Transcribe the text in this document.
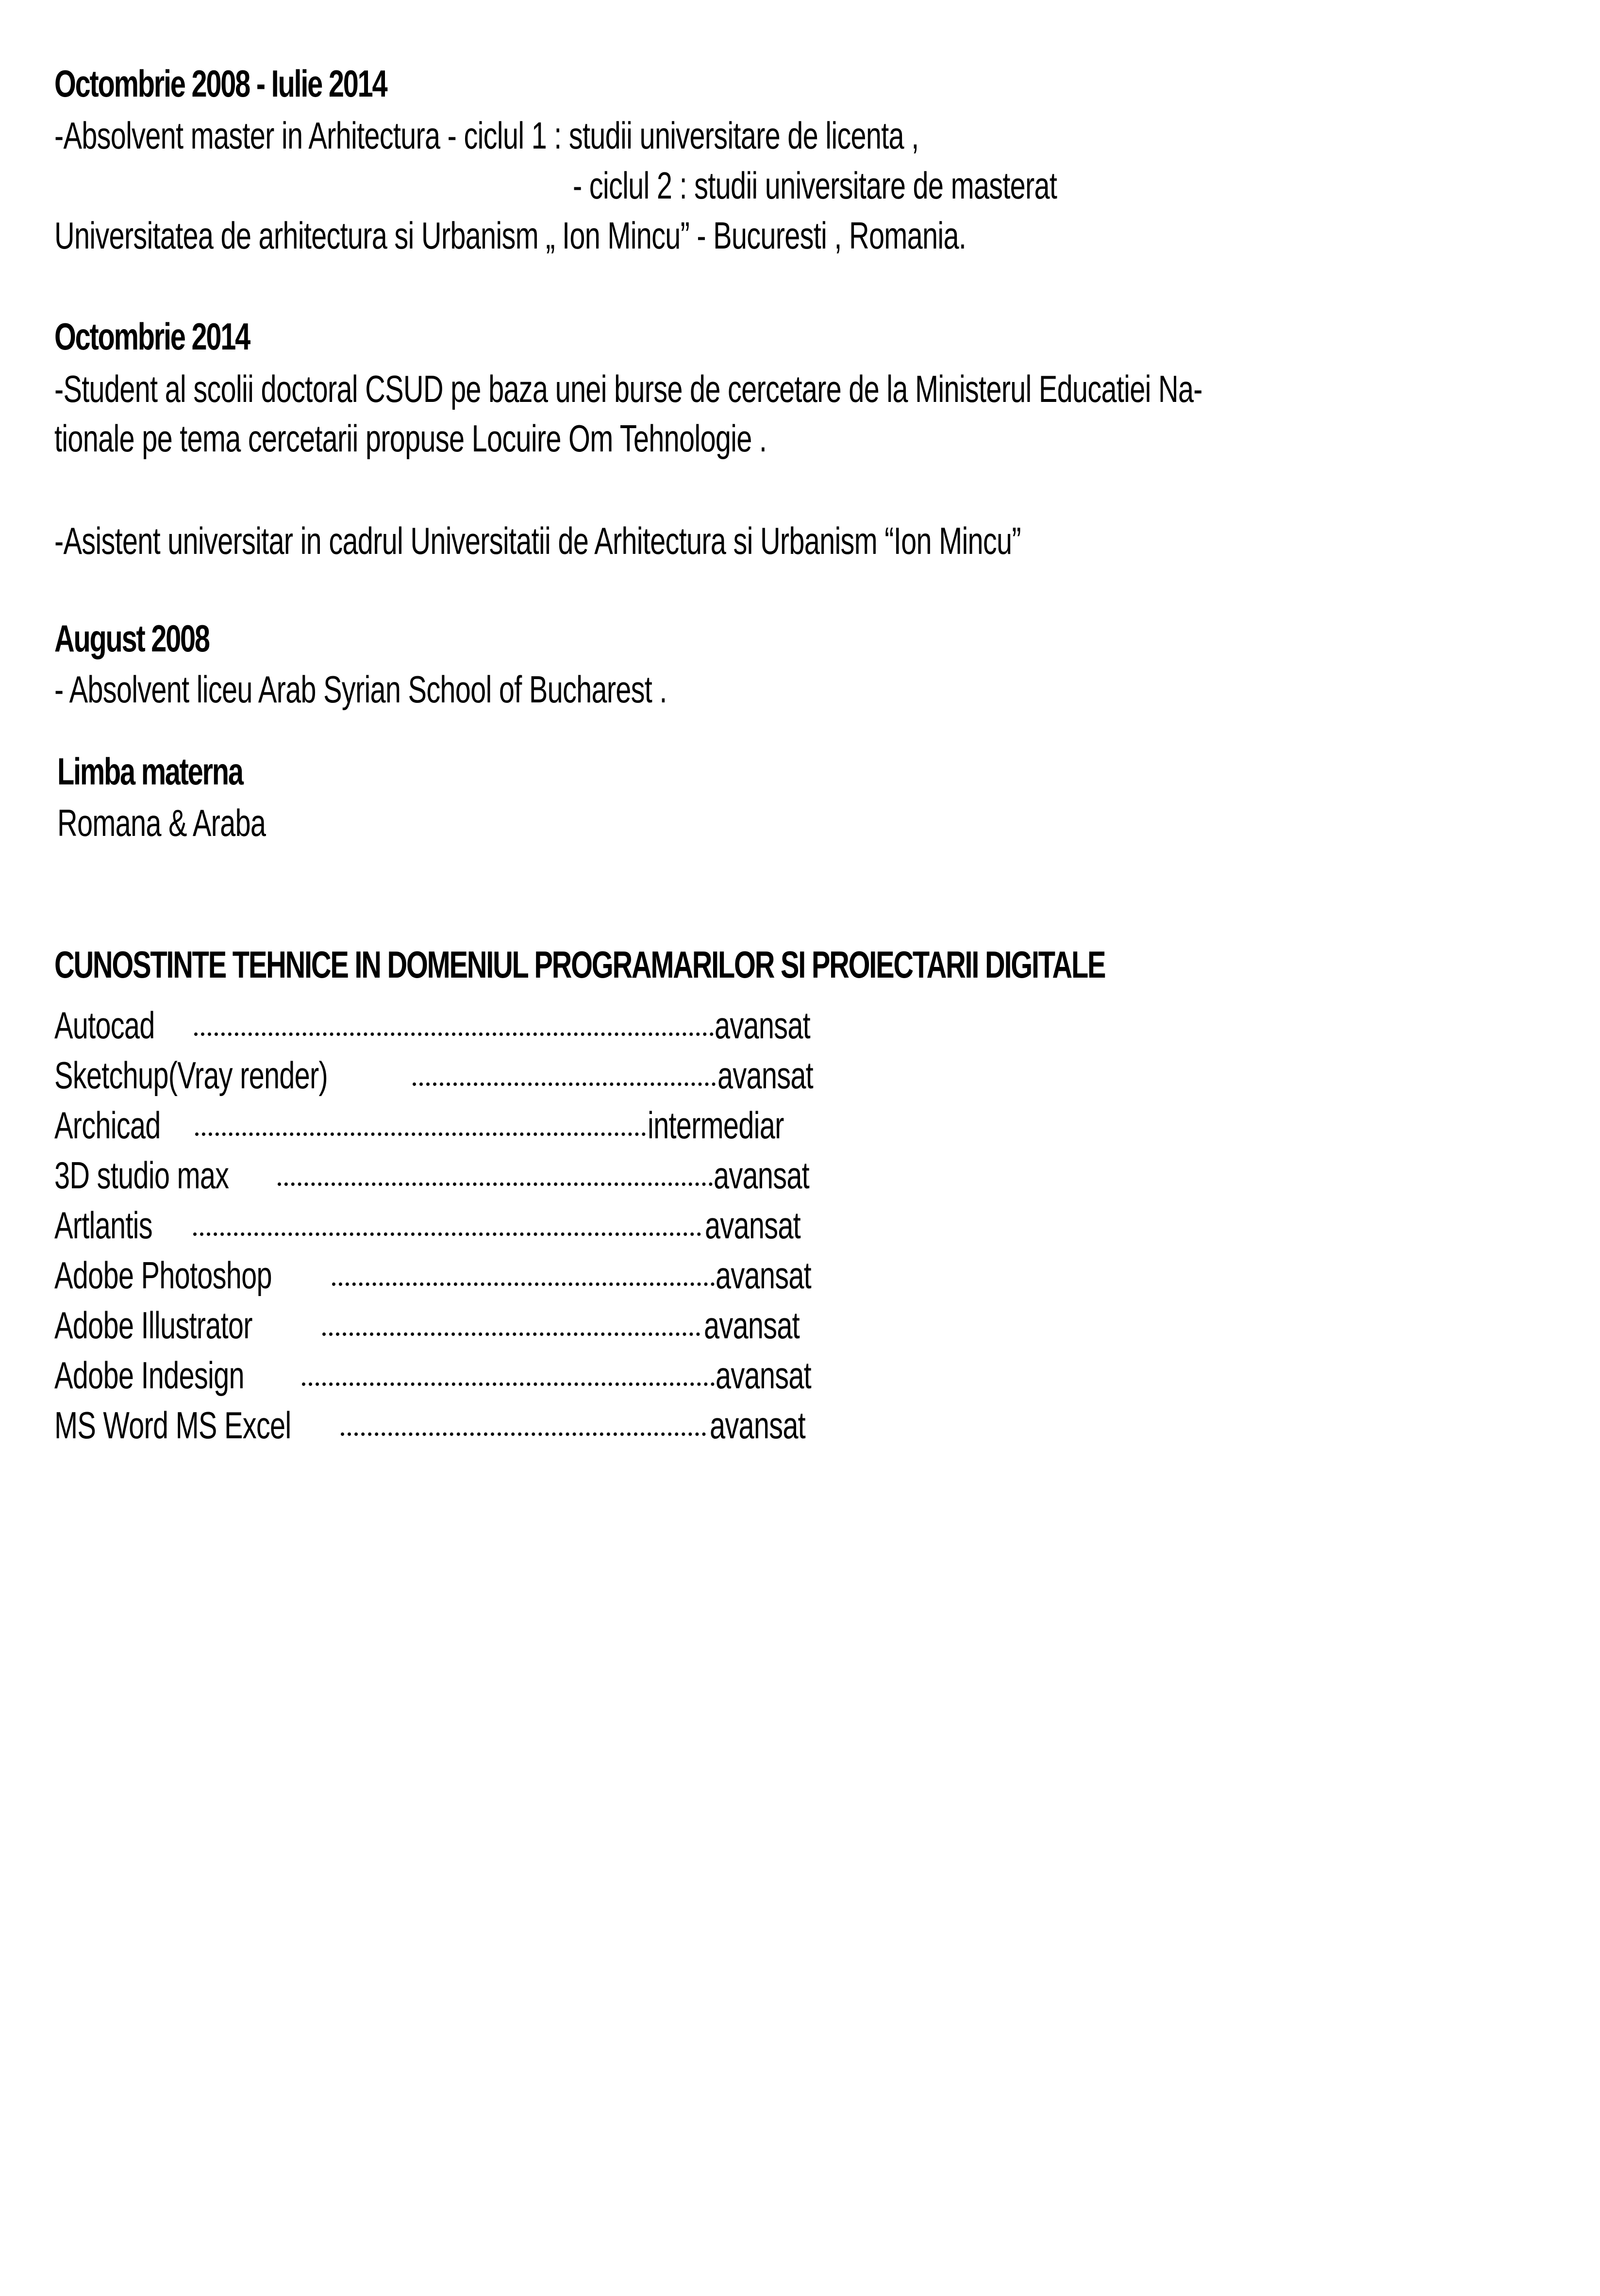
Octombrie 2008 - Iulie 2014
-Absolvent master in Arhitectura - ciclul 1 : studii universitare de licenta ,
- ciclul 2 : studii universitare de masterat
Universitatea de arhitectura si Urbanism „ Ion Mincu” - Bucuresti , Romania.
Octombrie 2014
-Student al scolii doctoral CSUD pe baza unei burse de cercetare de la Ministerul Educatiei Na-
tionale pe tema cercetarii propuse Locuire Om Tehnologie .
-Asistent universitar in cadrul Universitatii de Arhitectura si Urbanism “Ion Mincu”
August 2008
- Absolvent liceu Arab Syrian School of Bucharest .
Limba materna
Romana & Araba
CUNOSTINTE TEHNICE IN DOMENIUL PROGRAMARILOR SI PROIECTARII DIGITALE
Autocad	avansat
Sketchup(Vray render)	avansat
Archicad	intermediar
3D studio max	avansat
Artlantis	avansat
Adobe Photoshop	avansat
Adobe Illustrator	avansat
Adobe Indesign	avansat
MS Word MS Excel	avansat
